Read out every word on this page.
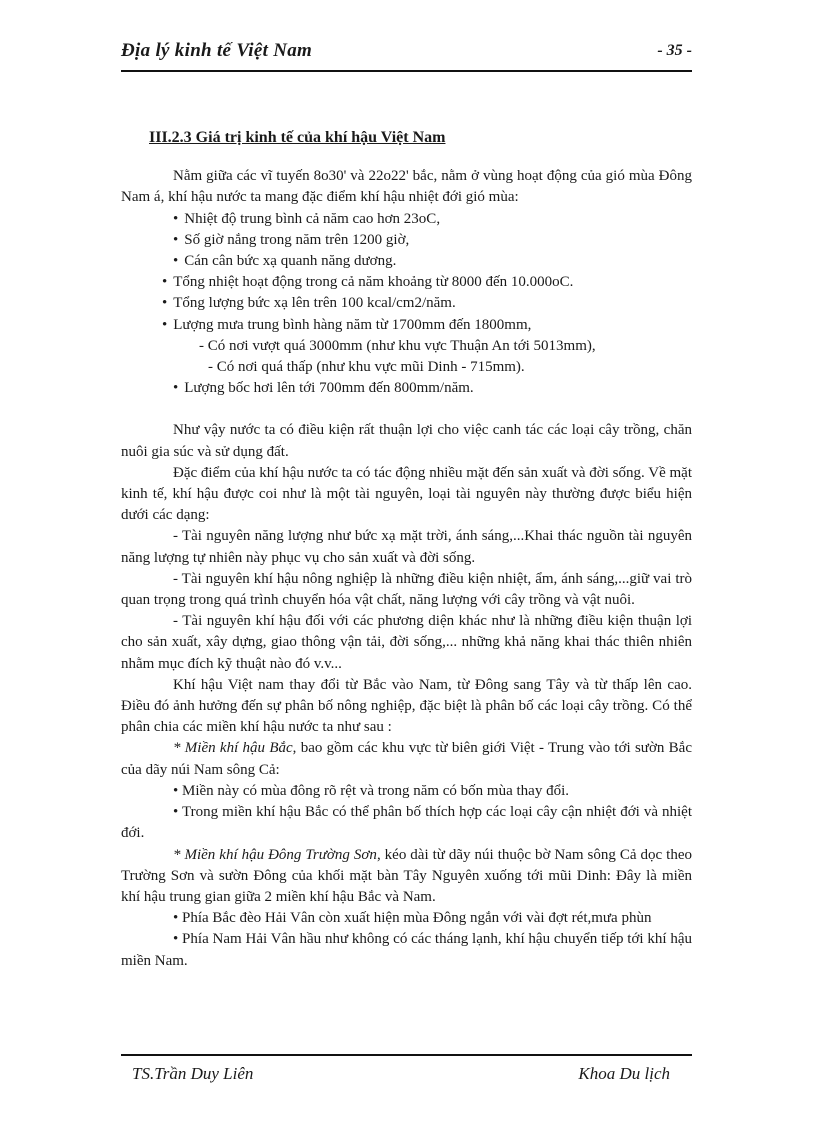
Địa lý kinh tế Việt Nam	- 35 -
III.2.3 Giá trị kinh tế của khí hậu Việt Nam

Nằm giữa các vĩ tuyến 8o30' và 22o22' bắc, nằm ở vùng hoạt động của gió mùa Đông Nam á, khí hậu nước ta mang đặc điểm khí hậu nhiệt đới gió mùa:

• Nhiệt độ trung bình cả năm cao hơn 23oC,

• Số giờ nắng trong năm trên 1200 giờ,

• Cán cân bức xạ quanh năng dương.

• Tổng nhiệt hoạt động trong cả năm khoảng từ 8000 đến 10.000oC.

• Tổng lượng bức xạ lên trên 100 kcal/cm2/năm.

• Lượng mưa trung bình hàng năm từ 1700mm đến 1800mm,

- Có nơi vượt quá 3000mm (như khu vực Thuận An tới 5013mm),

- Có nơi quá thấp (như khu vực mũi Dinh - 715mm).

• Lượng bốc hơi lên tới 700mm đến 800mm/năm.

Như vậy nước ta có điều kiện rất thuận lợi cho việc canh tác các loại cây trồng, chăn nuôi gia súc và sử dụng đất.

Đặc điểm của khí hậu nước ta có tác động nhiều mặt đến sản xuất và đời sống. Về mặt kinh tế, khí hậu được coi như là một tài nguyên, loại tài nguyên này thường được biểu hiện dưới các dạng:

- Tài nguyên năng lượng như bức xạ mặt trời, ánh sáng,...Khai thác nguồn tài nguyên năng lượng tự nhiên này phục vụ cho sản xuất và đời sống.

- Tài nguyên khí hậu nông nghiệp là những điều kiện nhiệt, ẩm, ánh sáng,...giữ vai trò quan trọng trong quá trình chuyển hóa vật chất, năng lượng với cây trồng và vật nuôi.

- Tài nguyên khí hậu đối với các phương diện khác như là những điều kiện thuận lợi cho sản xuất, xây dựng, giao thông vận tải, đời sống,... những khả năng khai thác thiên nhiên nhằm mục đích kỹ thuật nào đó v.v...

Khí hậu Việt nam thay đổi từ Bắc vào Nam, từ Đông sang Tây và từ thấp lên cao. Điều đó ảnh hưởng đến sự phân bố nông nghiệp, đặc biệt là phân bố các loại cây trồng. Có thể phân chia các miền khí hậu nước ta như sau :

* Miền khí hậu Bắc, bao gồm các khu vực từ biên giới Việt - Trung vào tới sườn Bắc của dãy núi Nam sông Cả:

• Miền này có mùa đông rõ rệt và trong năm có bốn mùa thay đổi.

• Trong miền khí hậu Bắc có thể phân bố thích hợp các loại cây cận nhiệt đới và nhiệt đới.

* Miền khí hậu Đông Trường Sơn, kéo dài từ dãy núi thuộc bờ Nam sông Cả dọc theo Trường Sơn và sườn Đông của khối mặt bàn Tây Nguyên xuống tới mũi Dinh: Đây là miền khí hậu trung gian giữa 2 miền khí hậu Bắc và Nam.

• Phía Bắc đèo Hải Vân còn xuất hiện mùa Đông ngắn với vài đợt rét,mưa phùn

• Phía Nam Hải Vân hầu như không có các tháng lạnh, khí hậu chuyển tiếp tới khí hậu miền Nam.

TS.Trần Duy Liên	Khoa Du lịch
